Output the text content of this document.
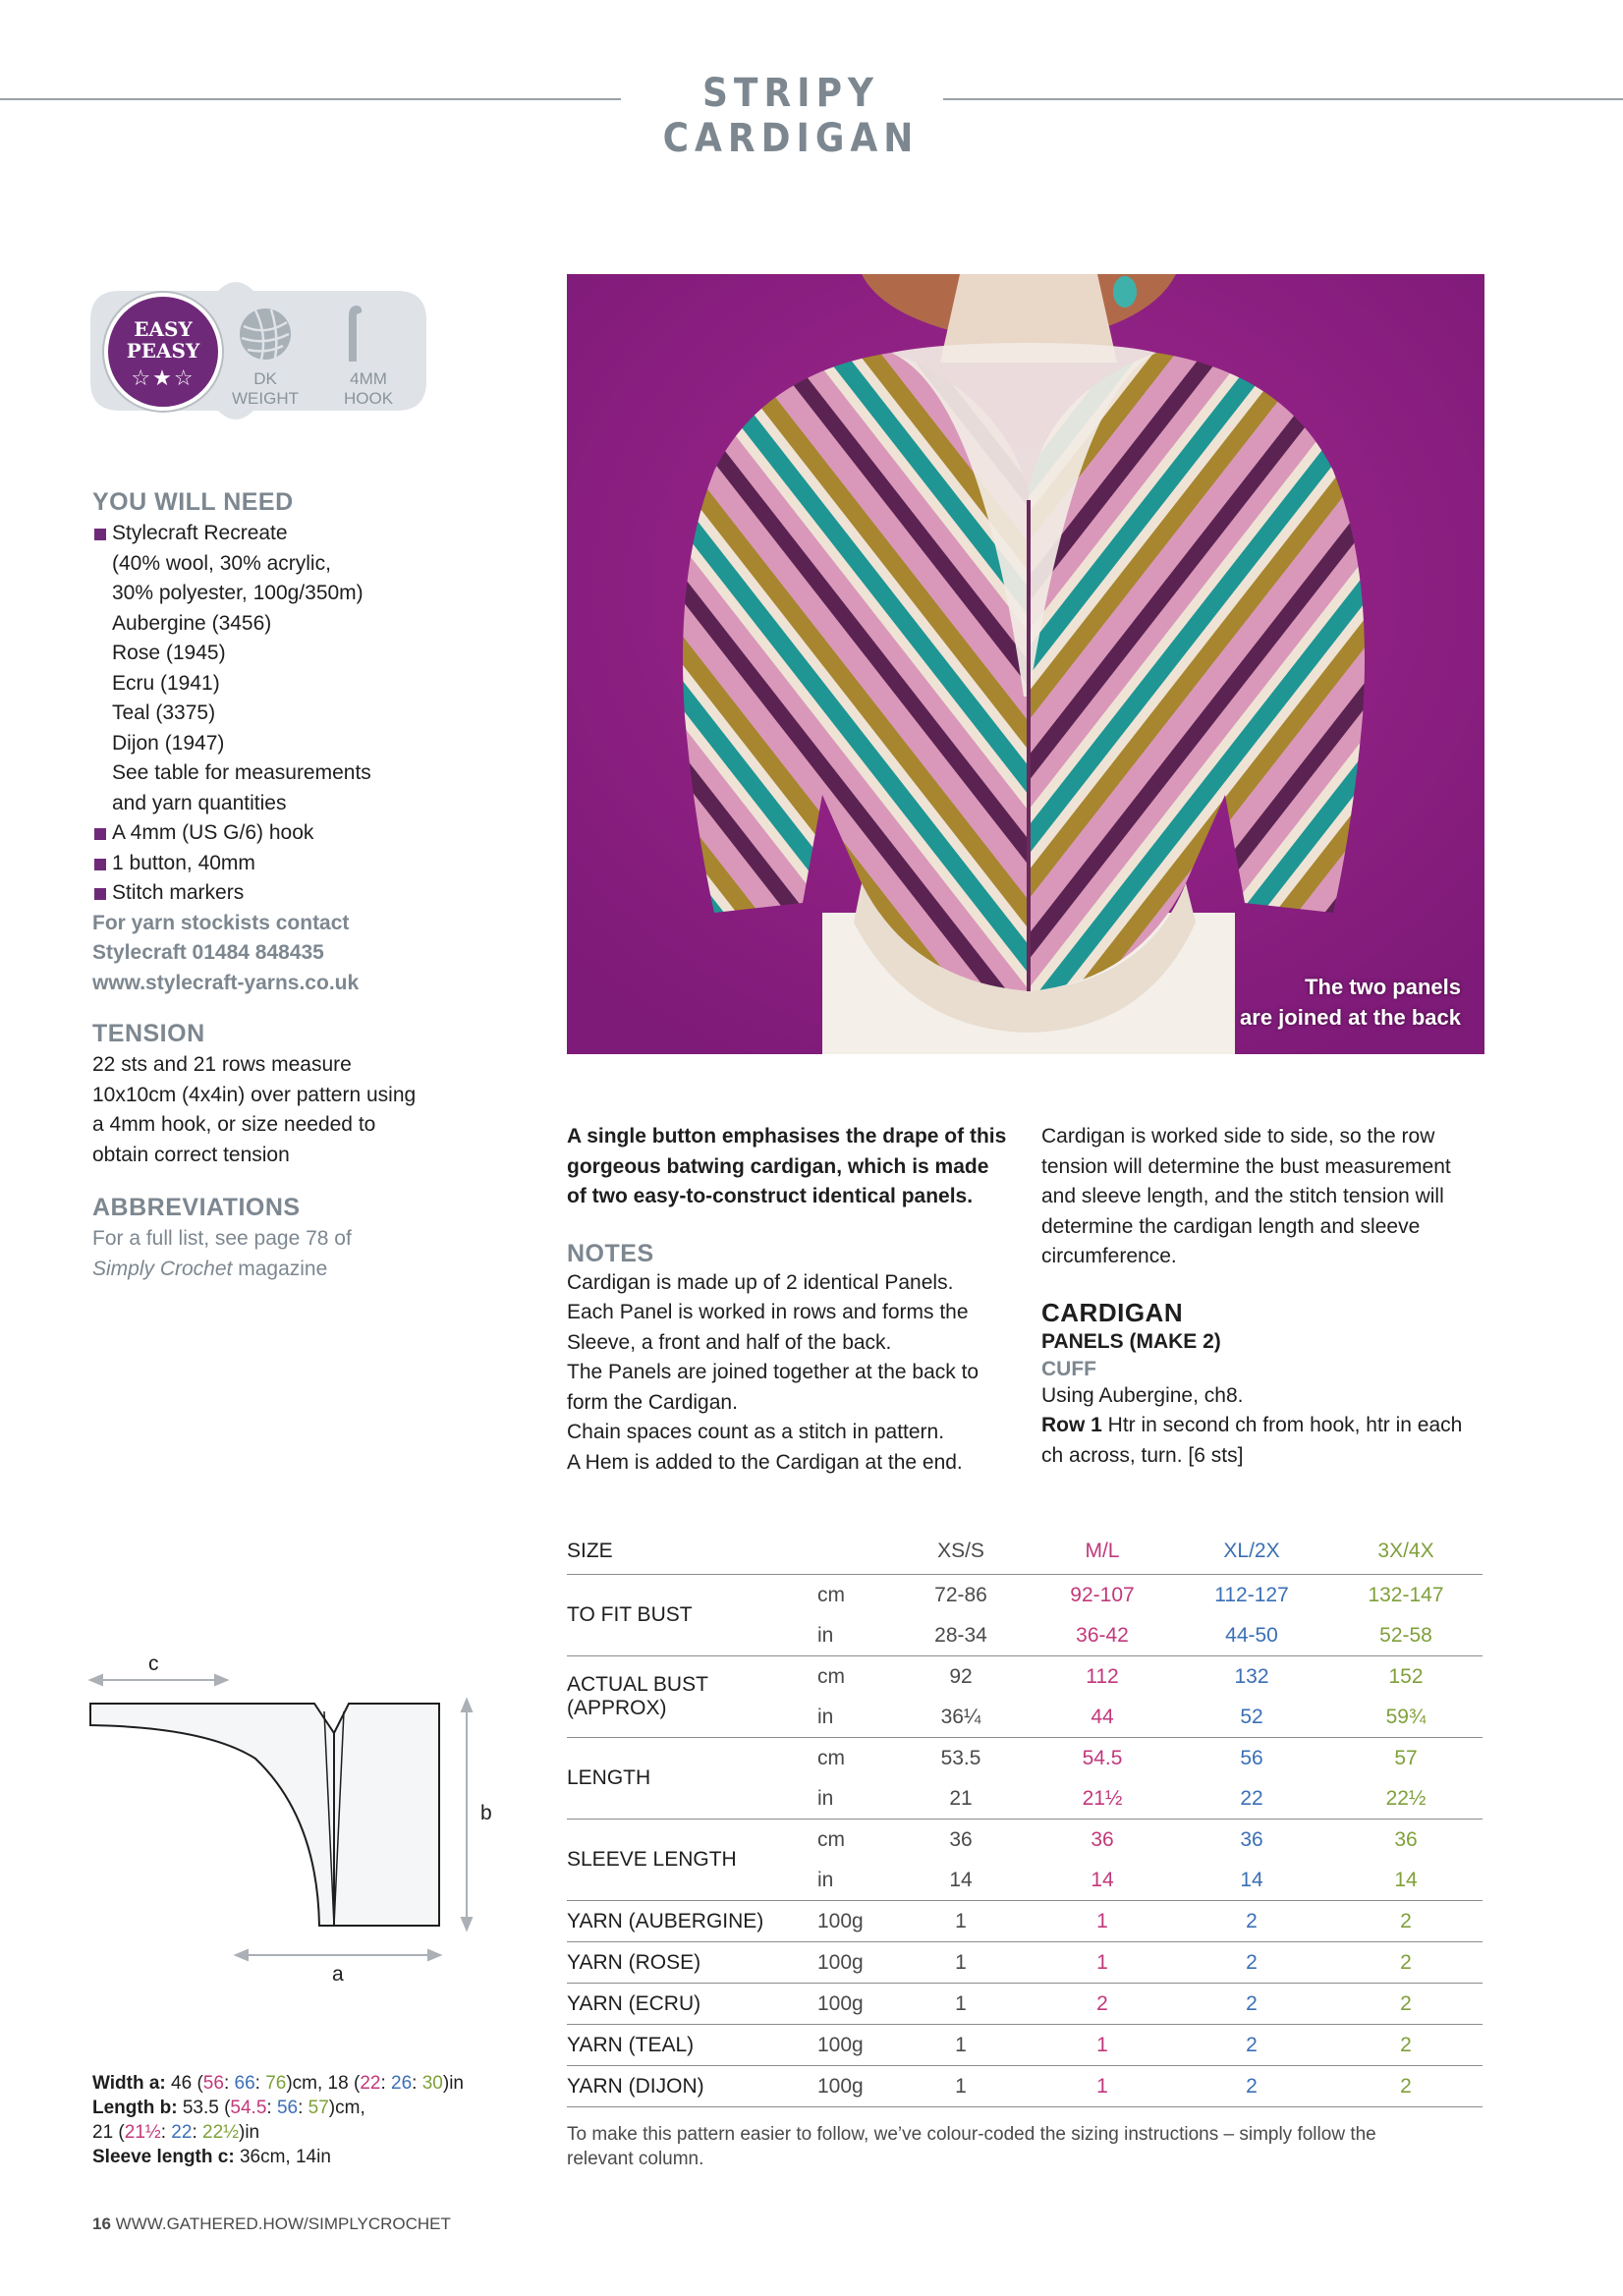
STRIPY CARDIGAN
EASY
PEASY
☆★☆	DK
WEIGHT
4MM
HOOK
YOU WILL NEED
Stylecraft Recreate
(40% wool, 30% acrylic,
30% polyester, 100g/350m)
Aubergine (3456)
Rose (1945)
Ecru (1941)
Teal (3375)
Dijon (1947)
See table for measurements
and yarn quantities
A 4mm (US G/6) hook
1 button, 40mm
Stitch markers
For yarn stockists contact
Stylecraft 01484 848435
www.stylecraft-yarns.co.uk
TENSION
22 sts and 21 rows measure
10x10cm (4x4in) over pattern using
a 4mm hook, or size needed to
obtain correct tension
ABBREVIATIONS
For a full list, see page 78 of
Simply Crochet magazine
The two panels
are joined at the back
A single button emphasises the drape of this
gorgeous batwing cardigan, which is made
of two easy-to-construct identical panels.
NOTES
Cardigan is made up of 2 identical Panels.
Each Panel is worked in rows and forms the
Sleeve, a front and half of the back.
The Panels are joined together at the back to
form the Cardigan.
Chain spaces count as a stitch in pattern.
A Hem is added to the Cardigan at the end.
Cardigan is worked side to side, so the row
tension will determine the bust measurement
and sleeve length, and the stitch tension will
determine the cardigan length and sleeve
circumference.
CARDIGAN
PANELS (MAKE 2)
CUFF
Using Aubergine, ch8.
Row 1 Htr in second ch from hook, htr in each
ch across, turn. [6 sts]
SIZE		XS/S	M/L	XL/2X	3X/4X

TO FIT BUST	cm	72-86	92-107	112-127	132-147
	in	28-34	36-42	44-50	52-58

ACTUAL BUST
(APPROX)	cm	92	112	132	152
	in	36¼	44	52	59¾

LENGTH	cm	53.5	54.5	56	57
	in	21	21½	22	22½

SLEEVE LENGTH	cm	36	36	36	36
	in	14	14	14	14
YARN (AUBERGINE)	100g	1	1	2	2
YARN (ROSE)	100g	1	1	2	2
YARN (ECRU)	100g	1	2	2	2
YARN (TEAL)	100g	1	1	2	2
YARN (DIJON)	100g	1	1	2	2
To make this pattern easier to follow, we’ve colour-coded the sizing instructions – simply follow the
relevant column.
c
b
a
Width a: 46 (56: 66: 76)cm, 18 (22: 26: 30)in
Length b: 53.5 (54.5: 56: 57)cm,
21 (21½: 22: 22½)in
Sleeve length c: 36cm, 14in
16 WWW.GATHERED.HOW/SIMPLYCROCHET
